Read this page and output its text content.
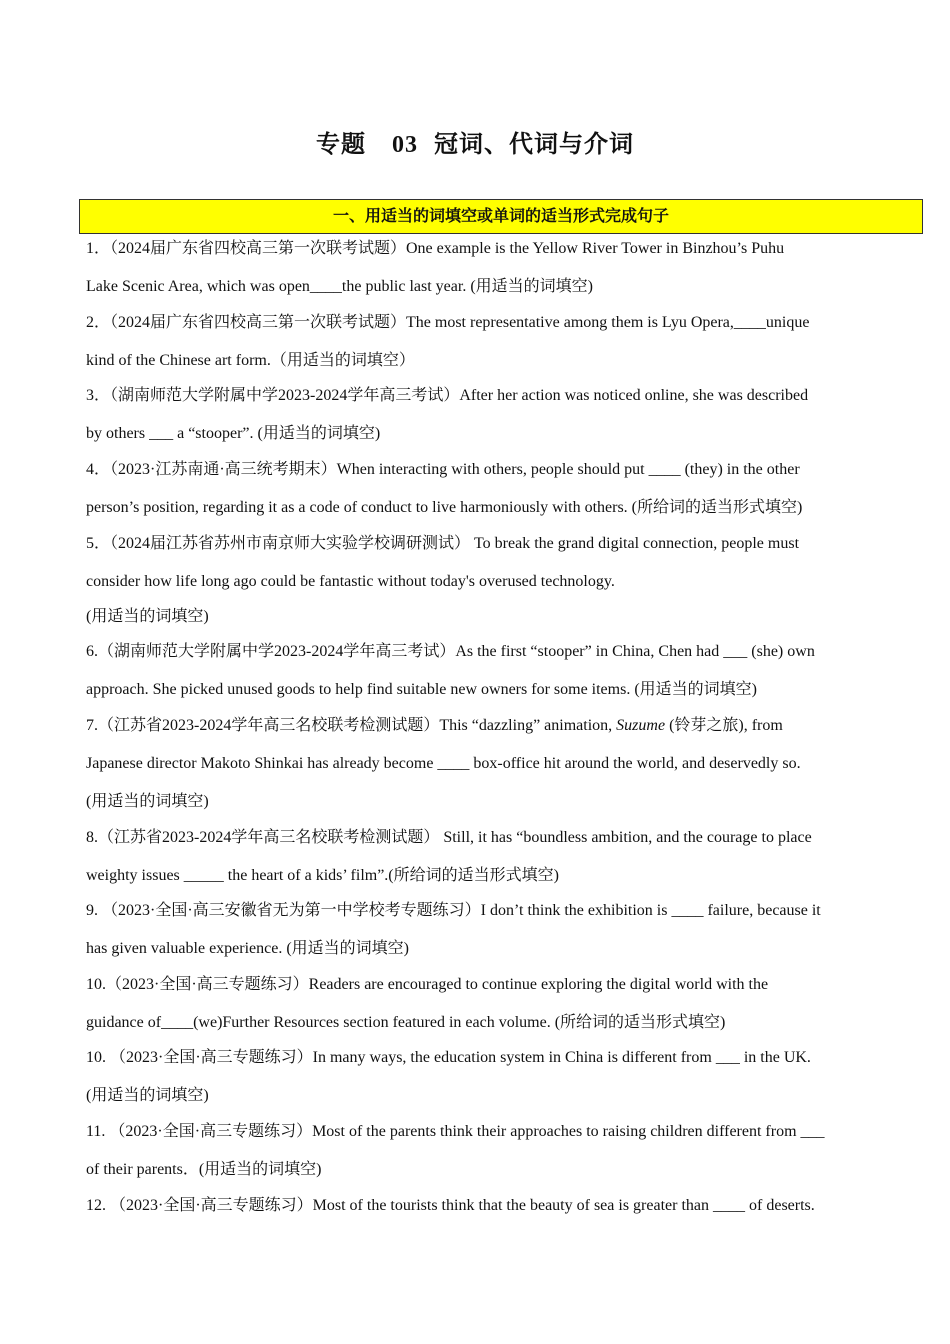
专题 03 冠词、代词与介词
一、用适当的词填空或单词的适当形式完成句子
1．（2024届广东省四校高三第一次联考试题）One example is the Yellow River Tower in Binzhou’s Puhu
Lake Scenic Area, which was open____the public last year. (用适当的词填空)
2．（2024届广东省四校高三第一次联考试题）The most representative among them is Lyu Opera,____unique
kind of the Chinese art form.（用适当的词填空）
3．（湖南师范大学附属中学2023-2024学年高三考试）After her action was noticed online, she was described
by others ___ a “stooper”. (用适当的词填空)
4．（2023·江苏南通·高三统考期末）When interacting with others, people should put ____ (they) in the other
person’s position, regarding it as a code of conduct to live harmoniously with others. (所给词的适当形式填空)
5．（2024届江苏省苏州市南京师大实验学校调研测试） To break the grand digital connection, people must
consider how life long ago could be fantastic without today's overused technology.
(用适当的词填空)
6.（湖南师范大学附属中学2023-2024学年高三考试）As the first “stooper” in China, Chen had ___ (she) own
approach. She picked unused goods to help find suitable new owners for some items. (用适当的词填空)
7.（江苏省2023-2024学年高三名校联考检测试题）This “dazzling” animation, Suzume (铃芽之旅), from
Japanese director Makoto Shinkai has already become ____ box-office hit around the world, and deservedly so.
(用适当的词填空)
8.（江苏省2023-2024学年高三名校联考检测试题） Still, it has “boundless ambition, and the courage to place
weighty issues _____ the heart of a kids’ film”.(所给词的适当形式填空)
9. （2023·全国·高三安徽省无为第一中学校考专题练习）I don’t think the exhibition is ____ failure, because it
has given valuable experience. (用适当的词填空)
10.（2023·全国·高三专题练习）Readers are encouraged to continue exploring the digital world with the
guidance of____(we)Further Resources section featured in each volume. (所给词的适当形式填空)
10. （2023·全国·高三专题练习）In many ways, the education system in China is different from ___ in the UK.
(用适当的词填空)
11. （2023·全国·高三专题练习）Most of the parents think their approaches to raising children different from ___
of their parents．(用适当的词填空)
12. （2023·全国·高三专题练习）Most of the tourists think that the beauty of sea is greater than ____ of deserts.
